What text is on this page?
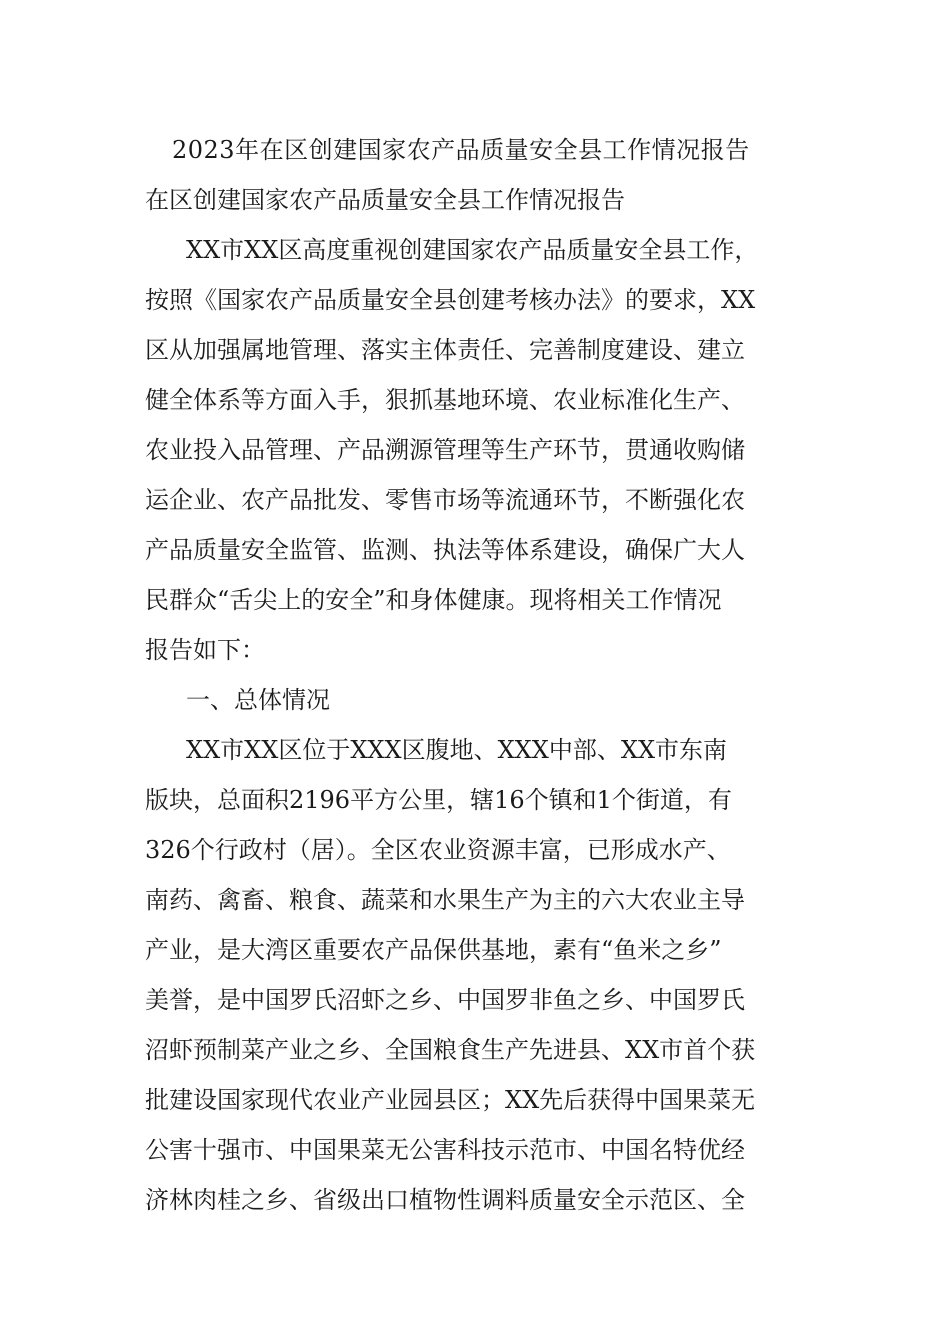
2023年在区创建国家农产品质量安全县工作情况报告
在区创建国家农产品质量安全县工作情况报告
XX市XX区高度重视创建国家农产品质量安全县工作，
按照《国家农产品质量安全县创建考核办法》的要求，XX
区从加强属地管理、落实主体责任、完善制度建设、建立
健全体系等方面入手，狠抓基地环境、农业标准化生产、
农业投入品管理、产品溯源管理等生产环节，贯通收购储
运企业、农产品批发、零售市场等流通环节，不断强化农
产品质量安全监管、监测、执法等体系建设，确保广大人
民群众“舌尖上的安全”和身体健康。现将相关工作情况
报告如下：
一、总体情况
XX市XX区位于XXX区腹地、XXX中部、XX市东南
版块，总面积2196平方公里，辖16个镇和1个街道，有
326个行政村（居）。全区农业资源丰富，已形成水产、
南药、禽畜、粮食、蔬菜和水果生产为主的六大农业主导
产业，是大湾区重要农产品保供基地，素有“鱼米之乡”
美誉，是中国罗氏沼虾之乡、中国罗非鱼之乡、中国罗氏
沼虾预制菜产业之乡、全国粮食生产先进县、XX市首个获
批建设国家现代农业产业园县区；XX先后获得中国果菜无
公害十强市、中国果菜无公害科技示范市、中国名特优经
济林肉桂之乡、省级出口植物性调料质量安全示范区、全
